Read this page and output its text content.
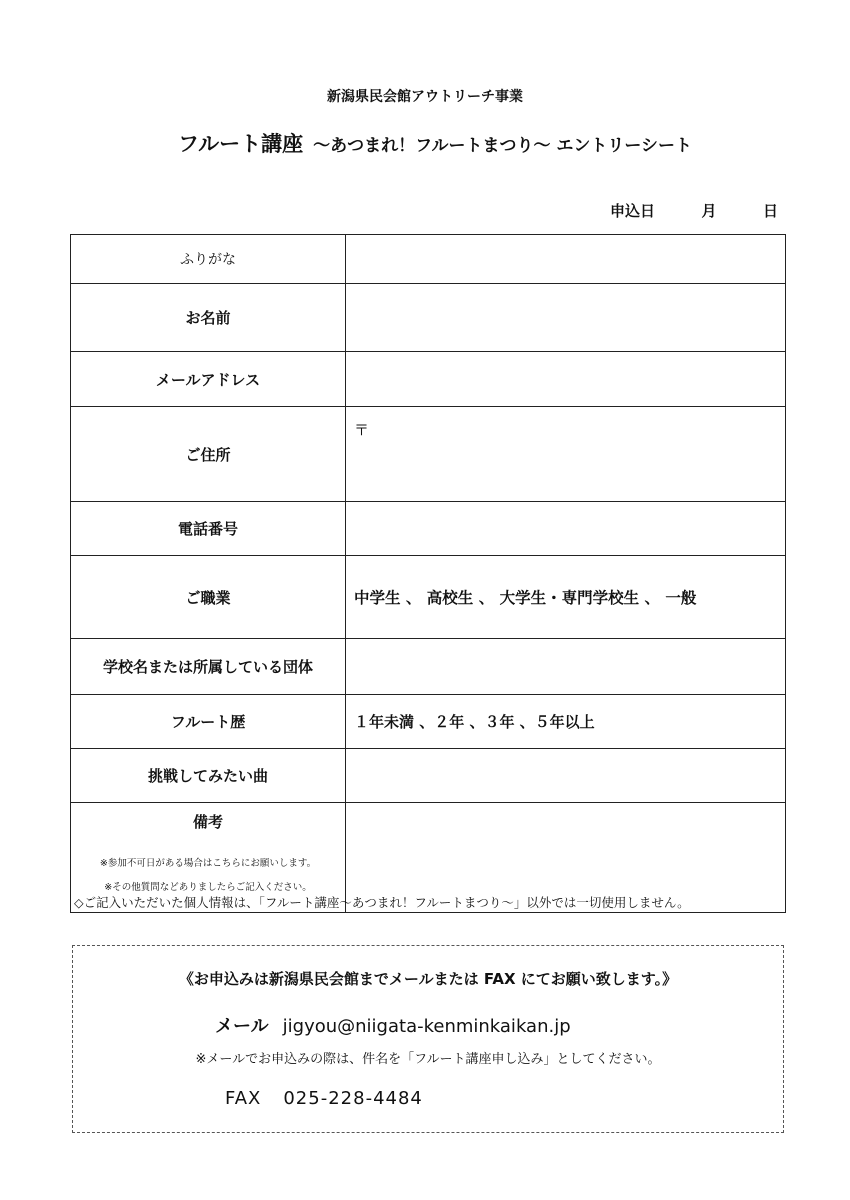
新潟県民会館アウトリーチ事業
フルート講座 ～あつまれ！フルートまつり～ エントリーシート
申込日	月	日
ふりがな	
お名前	
メールアドレス	
ご住所	〒
電話番号	
ご職業	中学生 、 高校生 、 大学生・専門学校生 、 一般
学校名または所属している団体	
フルート歴	１年未満 、２年 、３年 、５年以上
挑戦してみたい曲	

備考
※参加不可日がある場合はこちらにお願いします。
※その他質問などありましたらご記入ください。	

◇ご記入いただいた個人情報は、「フルート講座～あつまれ！フルートまつり～」以外では一切使用しません。
《お申込みは新潟県民会館までメールまたは FAX にてお願い致します。》
メール jigyou@niigata-kenminkaikan.jp
※メールでお申込みの際は、件名を「フルート講座申し込み」としてください。
FAX 025-228-4484
